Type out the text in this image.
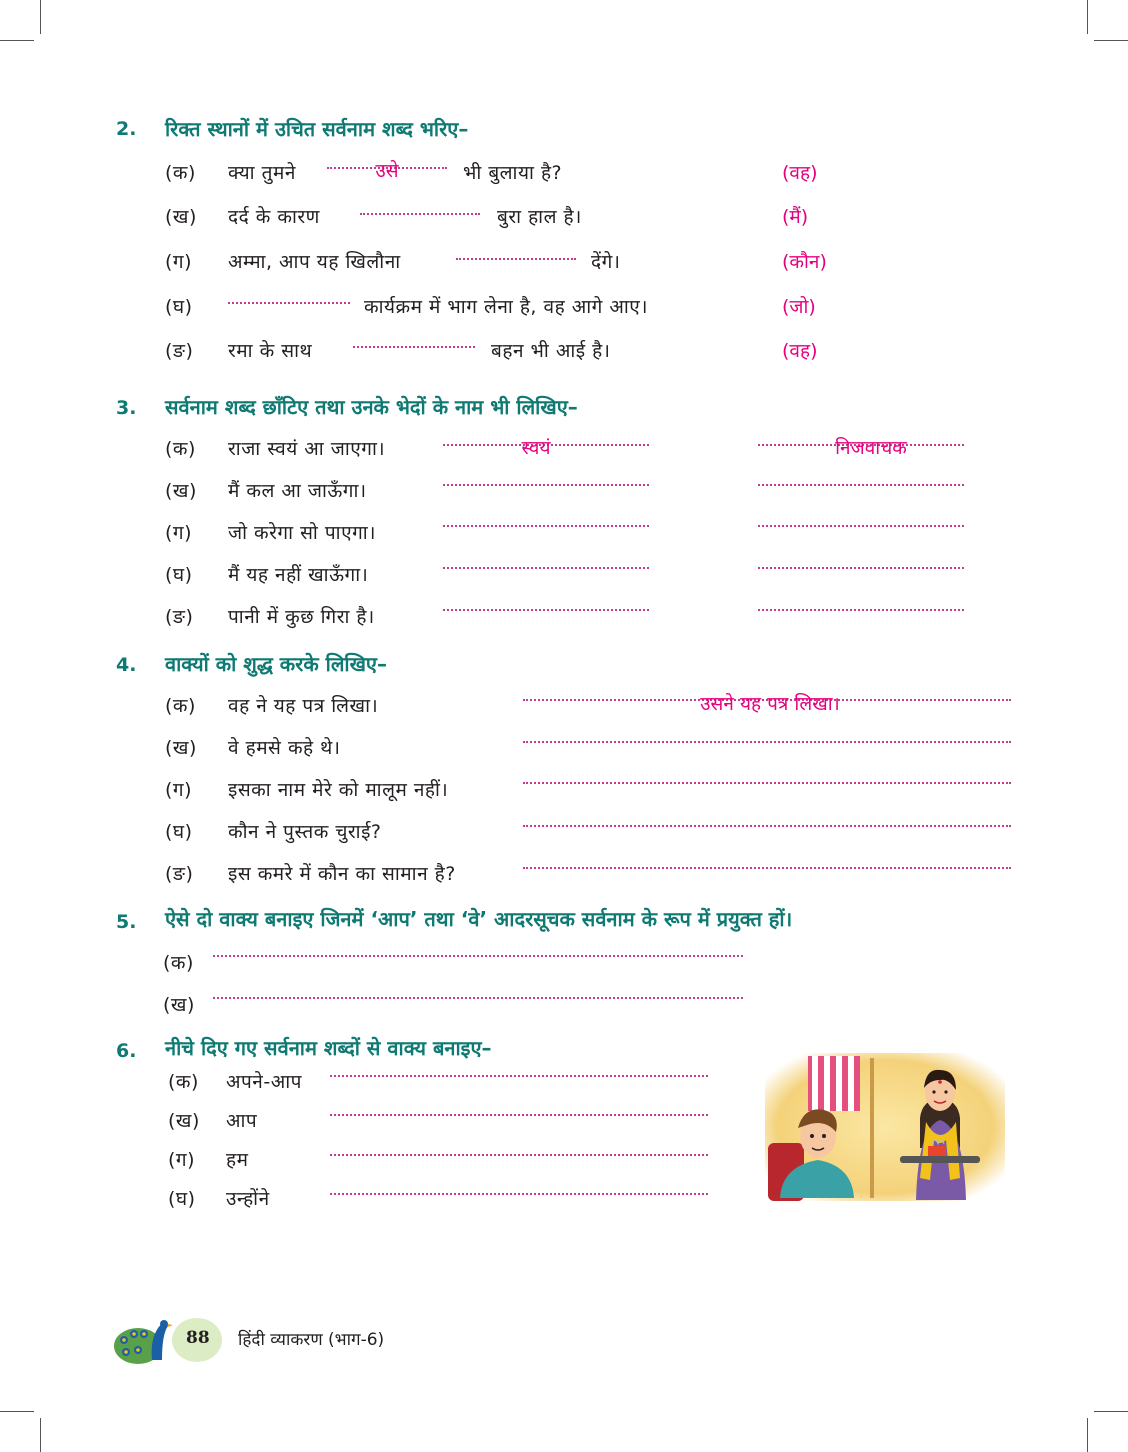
2. रिक्त स्थानों में उचित सर्वनाम शब्द भरिए–
(क) क्या तुमने	उसे	भी बुलाया है?	(वह)
(ख) दर्द के कारण	बुरा हाल है।	(मैं)
(ग) अम्मा, आप यह खिलौना	देंगे।	(कौन)
(घ)	कार्यक्रम में भाग लेना है, वह आगे आए।	(जो)
(ङ) रमा के साथ	बहन भी आई है।	(वह)
3. सर्वनाम शब्द छाँटिए तथा उनके भेदों के नाम भी लिखिए–
(क) राजा स्वयं आ जाएगा।	स्वयं	निजवाचक
(ख) मैं कल आ जाऊँगा।
(ग) जो करेगा सो पाएगा।
(घ) मैं यह नहीं खाऊँगा।
(ङ) पानी में कुछ गिरा है।
4. वाक्यों को शुद्ध करके लिखिए–
(क) वह ने यह पत्र लिखा।	उसने यह पत्र लिखा।
(ख) वे हमसे कहे थे।
(ग) इसका नाम मेरे को मालूम नहीं।
(घ) कौन ने पुस्तक चुराई?
(ङ) इस कमरे में कौन का सामान है?
5. ऐसे दो वाक्य बनाइए जिनमें ‘आप’ तथा ‘वे’ आदरसूचक सर्वनाम के रूप में प्रयुक्त हों।
(क)
(ख)
6. नीचे दिए गए सर्वनाम शब्दों से वाक्य बनाइए–
(क) अपने-आप
(ख) आप
(ग) हम
(घ) उन्होंने
88 हिंदी व्याकरण (भाग-6)
